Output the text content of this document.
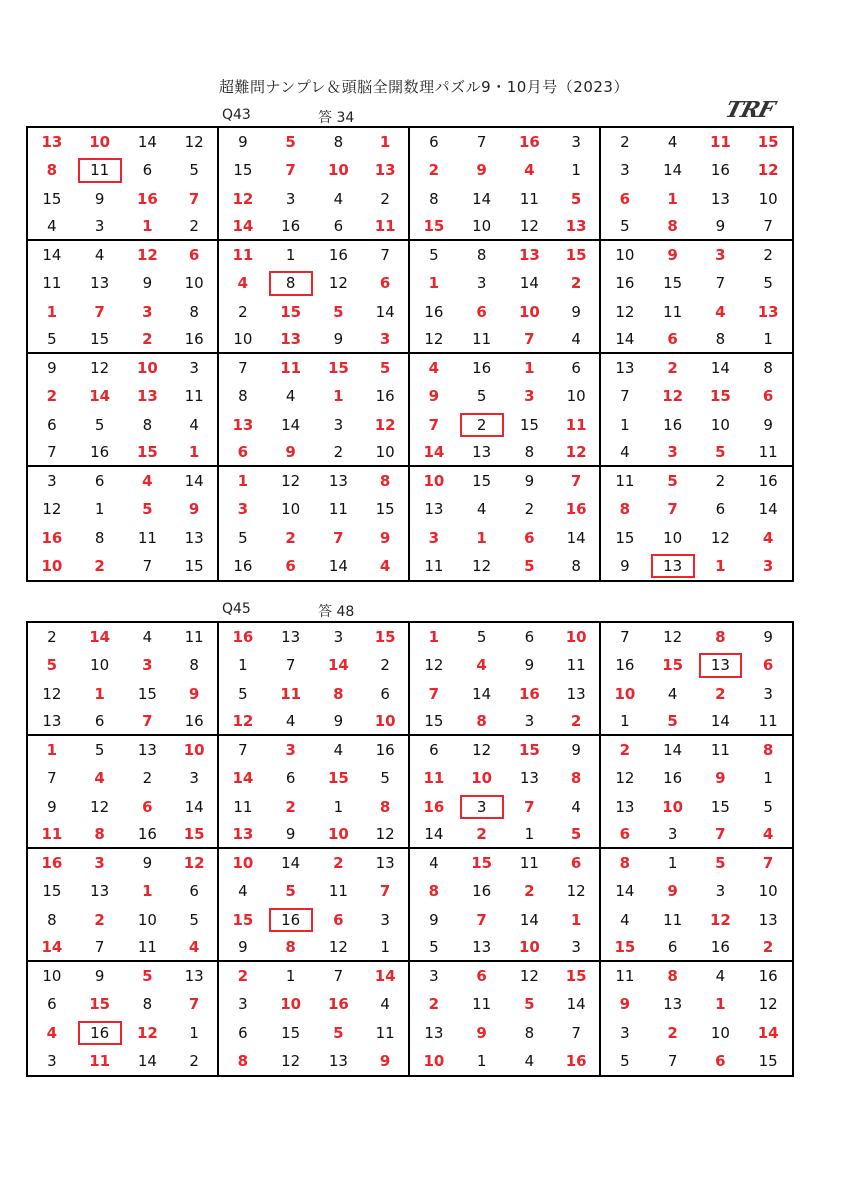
超難問ナンプレ＆頭脳全開数理パズル9・10月号（2023）
Q43	答 34	TRF
13	10	14	12	9	5	8	1	6	7	16	3	2	4	11	15
8	11	6	5	15	7	10	13	2	9	4	1	3	14	16	12
15	9	16	7	12	3	4	2	8	14	11	5	6	1	13	10
4	3	1	2	14	16	6	11	15	10	12	13	5	8	9	7
14	4	12	6	11	1	16	7	5	8	13	15	10	9	3	2
11	13	9	10	4	8	12	6	1	3	14	2	16	15	7	5
1	7	3	8	2	15	5	14	16	6	10	9	12	11	4	13
5	15	2	16	10	13	9	3	12	11	7	4	14	6	8	1
9	12	10	3	7	11	15	5	4	16	1	6	13	2	14	8
2	14	13	11	8	4	1	16	9	5	3	10	7	12	15	6
6	5	8	4	13	14	3	12	7	2	15	11	1	16	10	9
7	16	15	1	6	9	2	10	14	13	8	12	4	3	5	11
3	6	4	14	1	12	13	8	10	15	9	7	11	5	2	16
12	1	5	9	3	10	11	15	13	4	2	16	8	7	6	14
16	8	11	13	5	2	7	9	3	1	6	14	15	10	12	4
10	2	7	15	16	6	14	4	11	12	5	8	9	13	1	3
Q45	答 48
2	14	4	11	16	13	3	15	1	5	6	10	7	12	8	9
5	10	3	8	1	7	14	2	12	4	9	11	16	15	13	6
12	1	15	9	5	11	8	6	7	14	16	13	10	4	2	3
13	6	7	16	12	4	9	10	15	8	3	2	1	5	14	11
1	5	13	10	7	3	4	16	6	12	15	9	2	14	11	8
7	4	2	3	14	6	15	5	11	10	13	8	12	16	9	1
9	12	6	14	11	2	1	8	16	3	7	4	13	10	15	5
11	8	16	15	13	9	10	12	14	2	1	5	6	3	7	4
16	3	9	12	10	14	2	13	4	15	11	6	8	1	5	7
15	13	1	6	4	5	11	7	8	16	2	12	14	9	3	10
8	2	10	5	15	16	6	3	9	7	14	1	4	11	12	13
14	7	11	4	9	8	12	1	5	13	10	3	15	6	16	2
10	9	5	13	2	1	7	14	3	6	12	15	11	8	4	16
6	15	8	7	3	10	16	4	2	11	5	14	9	13	1	12
4	16	12	1	6	15	5	11	13	9	8	7	3	2	10	14
3	11	14	2	8	12	13	9	10	1	4	16	5	7	6	15
